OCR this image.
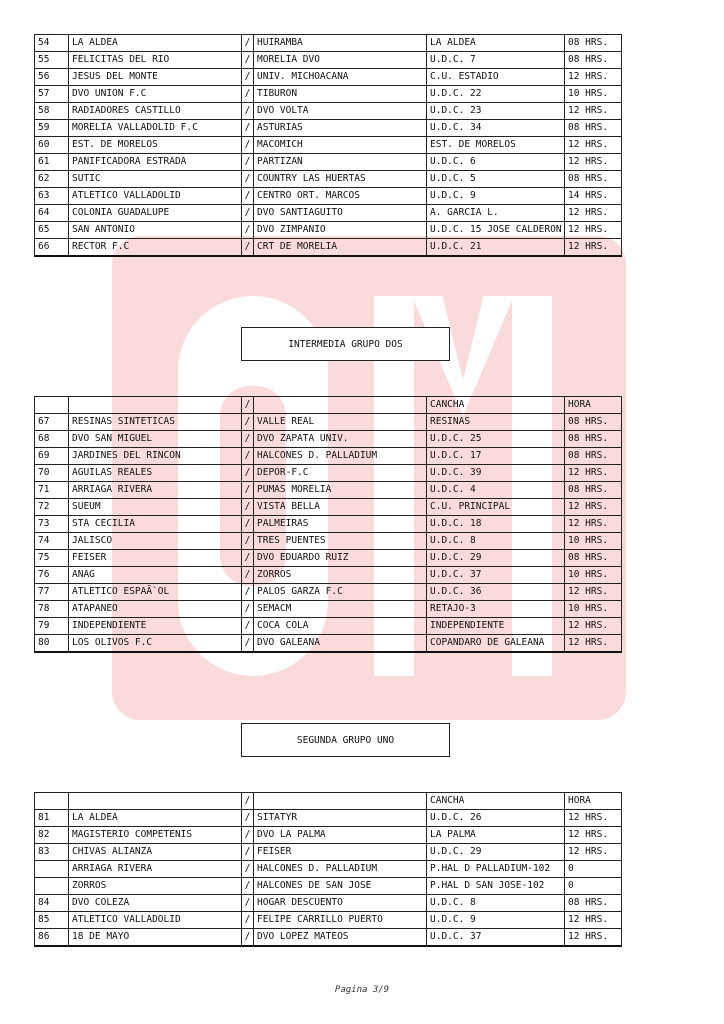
54	LA ALDEA	/	HUIRAMBA	LA ALDEA	08 HRS.
55	FELICITAS DEL RIO	/	MORELIA DVO	U.D.C. 7	08 HRS.
56	JESUS DEL MONTE	/	UNIV. MICHOACANA	C.U. ESTADIO	12 HRS.
57	DVO UNION F.C	/	TIBURON	U.D.C. 22	10 HRS.
58	RADIADORES CASTILLO	/	DVO VOLTA	U.D.C. 23	12 HRS.
59	MORELIA VALLADOLID F.C	/	ASTURIAS	U.D.C. 34	08 HRS.
60	EST. DE MORELOS	/	MACOMICH	EST. DE MORELOS	12 HRS.
61	PANIFICADORA ESTRADA	/	PARTIZAN	U.D.C. 6	12 HRS.
62	SUTIC	/	COUNTRY LAS HUERTAS	U.D.C. 5	08 HRS.
63	ATLETICO VALLADOLID	/	CENTRO ORT. MARCOS	U.D.C. 9	14 HRS.
64	COLONIA GUADALUPE	/	DVO SANTIAGUITO	A. GARCIA L.	12 HRS.
65	SAN ANTONIO	/	DVO ZIMPANIO	U.D.C. 15 JOSE CALDERON	12 HRS.
66	RECTOR F.C	/	CRT DE MORELIA	U.D.C. 21	12 HRS.
INTERMEDIA GRUPO DOS
		/		CANCHA	HORA
67	RESINAS SINTETICAS	/	VALLE REAL	RESINAS	08 HRS.
68	DVO SAN MIGUEL	/	DVO ZAPATA UNIV.	U.D.C. 25	08 HRS.
69	JARDINES DEL RINCON	/	HALCONES D. PALLADIUM	U.D.C. 17	08 HRS.
70	AGUILAS REALES	/	DEPOR-F.C	U.D.C. 39	12 HRS.
71	ARRIAGA RIVERA	/	PUMAS MORELIA	U.D.C. 4	08 HRS.
72	SUEUM	/	VISTA BELLA	C.U. PRINCIPAL	12 HRS.
73	STA CECILIA	/	PALMEIRAS	U.D.C. 18	12 HRS.
74	JALISCO	/	TRES PUENTES	U.D.C. 8	10 HRS.
75	FEISER	/	DVO EDUARDO RUIZ	U.D.C. 29	08 HRS.
76	ANAG	/	ZORROS	U.D.C. 37	10 HRS.
77	ATLETICO ESPAÃ`OL	/	PALOS GARZA F.C	U.D.C. 36	12 HRS.
78	ATAPANEO	/	SEMACM	RETAJO-3	10 HRS.
79	INDEPENDIENTE	/	COCA COLA	INDEPENDIENTE	12 HRS.
80	LOS OLIVOS F.C	/	DVO GALEANA	COPANDARO DE GALEANA	12 HRS.
SEGUNDA GRUPO UNO
		/		CANCHA	HORA
81	LA ALDEA	/	SITATYR	U.D.C. 26	12 HRS.
82	MAGISTERIO COMPETENIS	/	DVO LA PALMA	LA PALMA	12 HRS.
83	CHIVAS ALIANZA	/	FEISER	U.D.C. 29	12 HRS.
	ARRIAGA RIVERA	/	HALCONES D. PALLADIUM	P.HAL D PALLADIUM-102	0
	ZORROS	/	HALCONES DE SAN JOSE	P.HAL D SAN JOSE-102	0
84	DVO COLEZA	/	HOGAR DESCUENTO	U.D.C. 8	08 HRS.
85	ATLETICO VALLADOLID	/	FELIPE CARRILLO PUERTO	U.D.C. 9	12 HRS.
86	18 DE MAYO	/	DVO LOPEZ MATEOS	U.D.C. 37	12 HRS.
Pagina 3/9
